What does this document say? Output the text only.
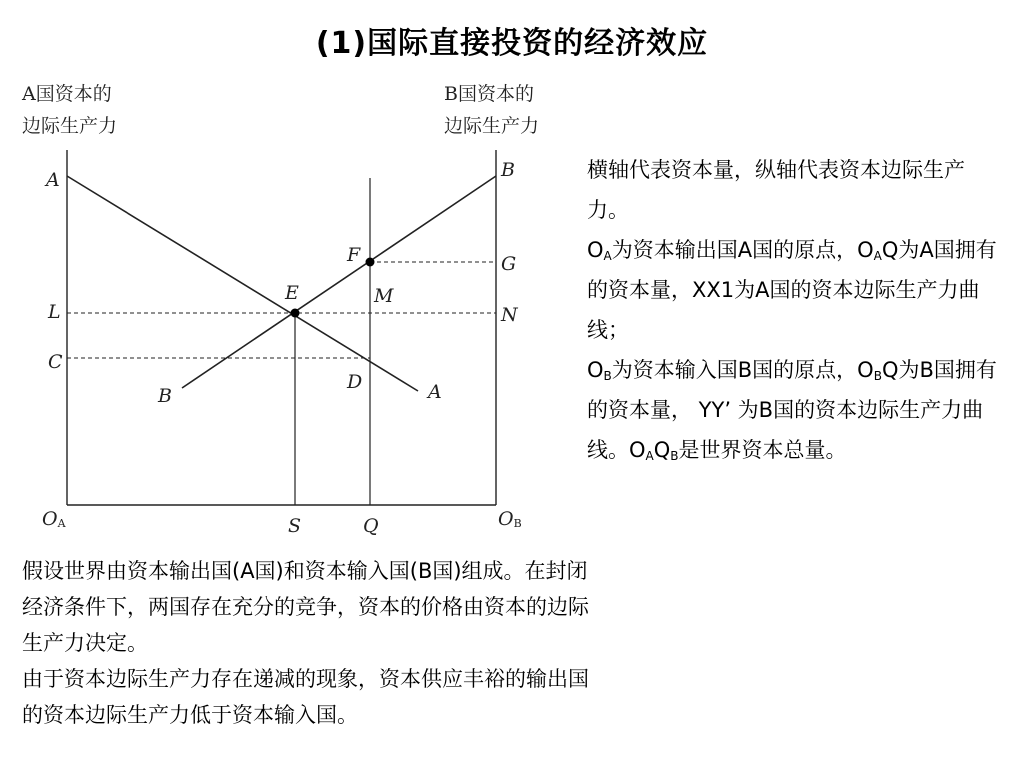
(1)国际直接投资的经济效应
A国资本的
边际生产力
B国资本的
边际生产力
A	B
F	G
E	M
L	N
C
D
B	A
OA	S	Q	OB
横轴代表资本量，纵轴代表资本边际生产力。
$O_A$为资本输出国A国的原点，$O_AQ$为A国拥有的资本量，XX1为A国的资本边际生产力曲线；
$O_B$为资本输入国B国的原点，$O_BQ$为B国拥有的资本量， YY’ 为B国的资本边际生产力曲线。$O_AQ_B$是世界资本总量。
假设世界由资本输出国(A国)和资本输入国(B国)组成。在封闭经济条件下，两国存在充分的竞争，资本的价格由资本的边际生产力决定。
由于资本边际生产力存在递减的现象，资本供应丰裕的输出国的资本边际生产力低于资本输入国。
